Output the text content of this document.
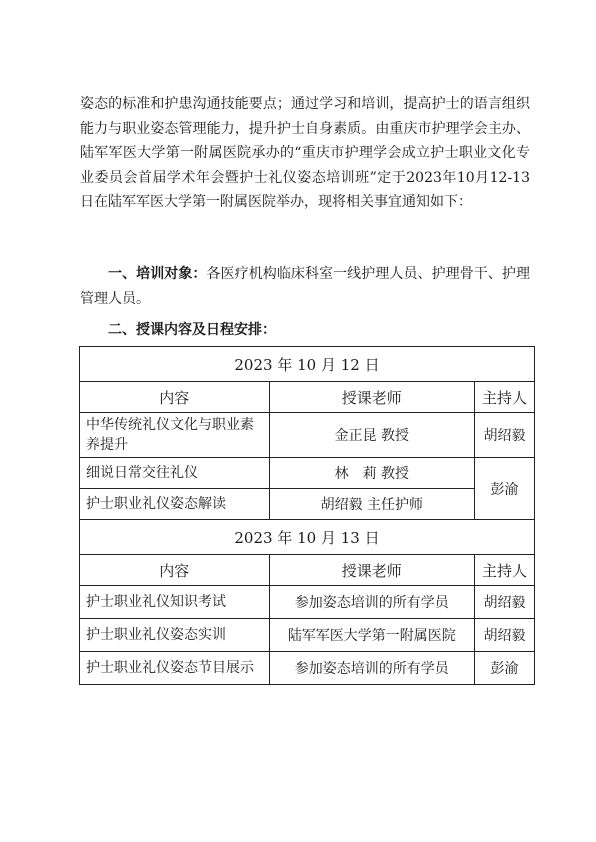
姿态的标准和护患沟通技能要点；通过学习和培训，提高护士的语言组织能力与职业姿态管理能力，提升护士自身素质。由重庆市护理学会主办、陆军军医大学第一附属医院承办的“重庆市护理学会成立护士职业文化专业委员会首届学术年会暨护士礼仪姿态培训班”定于2023年10月12-13日在陆军军医大学第一附属医院举办，现将相关事宜通知如下：

一、培训对象：各医疗机构临床科室一线护理人员、护理骨干、护理管理人员。

二、授课内容及日程安排：

2023 年 10 月 12 日		
内容	授课老师	主持人
中华传统礼仪文化与职业素养提升	金正昆 教授	胡绍毅
细说日常交往礼仪	林　莉 教授	彭渝
护士职业礼仪姿态解读	胡绍毅 主任护师	
2023 年 10 月 13 日		
内容	授课老师	主持人
护士职业礼仪知识考试	参加姿态培训的所有学员	胡绍毅
护士职业礼仪姿态实训	陆军军医大学第一附属医院	胡绍毅
护士职业礼仪姿态节目展示	参加姿态培训的所有学员	彭渝
